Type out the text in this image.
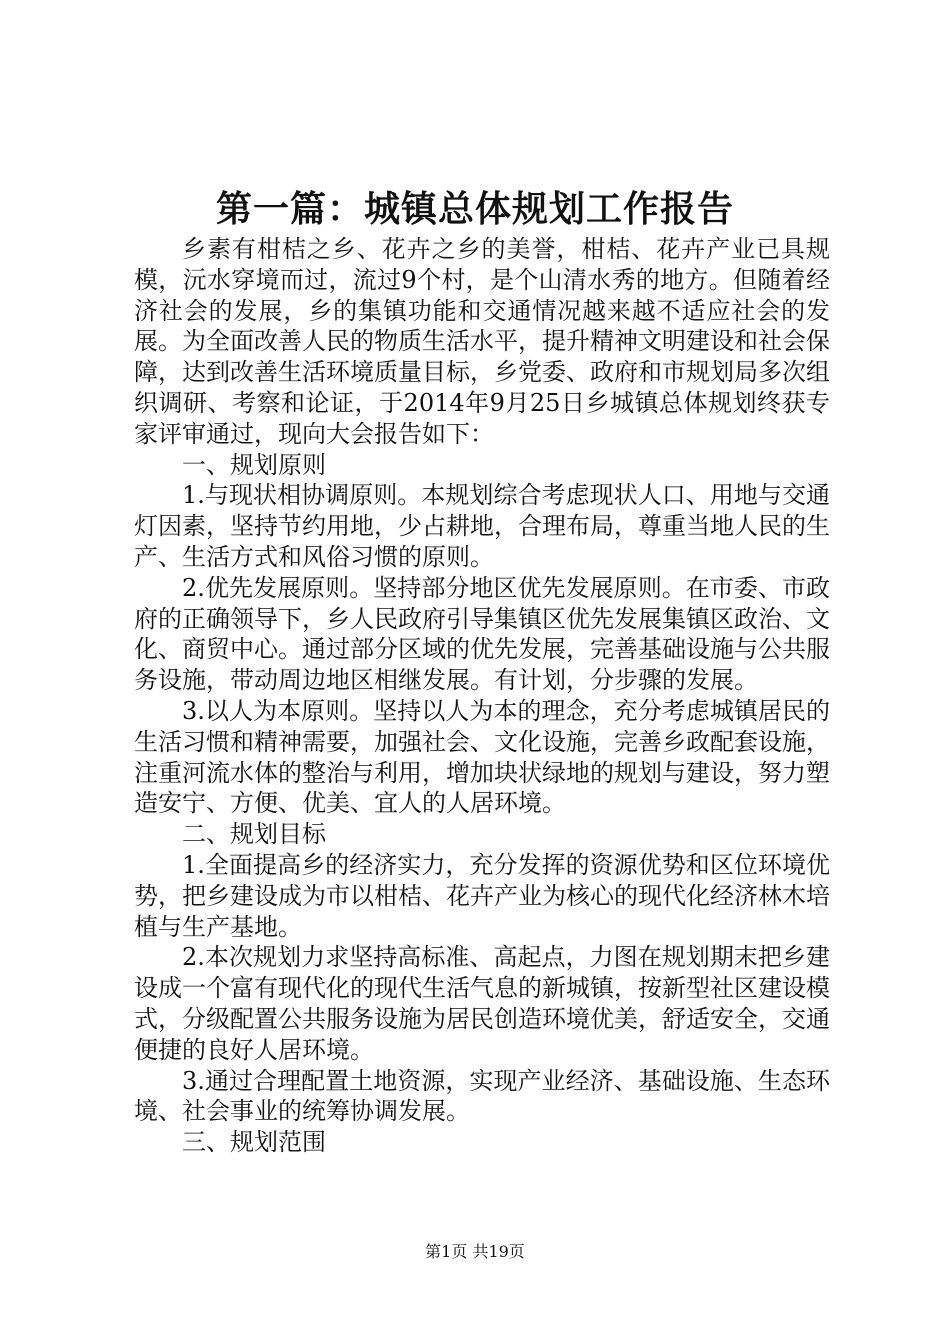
第一篇：城镇总体规划工作报告

乡素有柑桔之乡、花卉之乡的美誉，柑桔、花卉产业已具规模，沅水穿境而过，流过9个村，是个山清水秀的地方。但随着经济社会的发展，乡的集镇功能和交通情况越来越不适应社会的发展。为全面改善人民的物质生活水平，提升精神文明建设和社会保障，达到改善生活环境质量目标，乡党委、政府和市规划局多次组织调研、考察和论证，于2014年9月25日乡城镇总体规划终获专家评审通过，现向大会报告如下：

一、规划原则

1.与现状相协调原则。本规划综合考虑现状人口、用地与交通灯因素，坚持节约用地，少占耕地，合理布局，尊重当地人民的生产、生活方式和风俗习惯的原则。

2.优先发展原则。坚持部分地区优先发展原则。在市委、市政府的正确领导下，乡人民政府引导集镇区优先发展集镇区政治、文化、商贸中心。通过部分区域的优先发展，完善基础设施与公共服务设施，带动周边地区相继发展。有计划，分步骤的发展。

3.以人为本原则。坚持以人为本的理念，充分考虑城镇居民的生活习惯和精神需要，加强社会、文化设施，完善乡政配套设施，注重河流水体的整治与利用，增加块状绿地的规划与建设，努力塑造安宁、方便、优美、宜人的人居环境。

二、规划目标

1.全面提高乡的经济实力，充分发挥的资源优势和区位环境优势，把乡建设成为市以柑桔、花卉产业为核心的现代化经济林木培植与生产基地。

2.本次规划力求坚持高标准、高起点，力图在规划期末把乡建设成一个富有现代化的现代生活气息的新城镇，按新型社区建设模式，分级配置公共服务设施为居民创造环境优美，舒适安全，交通便捷的良好人居环境。

3.通过合理配置土地资源，实现产业经济、基础设施、生态环境、社会事业的统筹协调发展。

三、规划范围

第1页 共19页
